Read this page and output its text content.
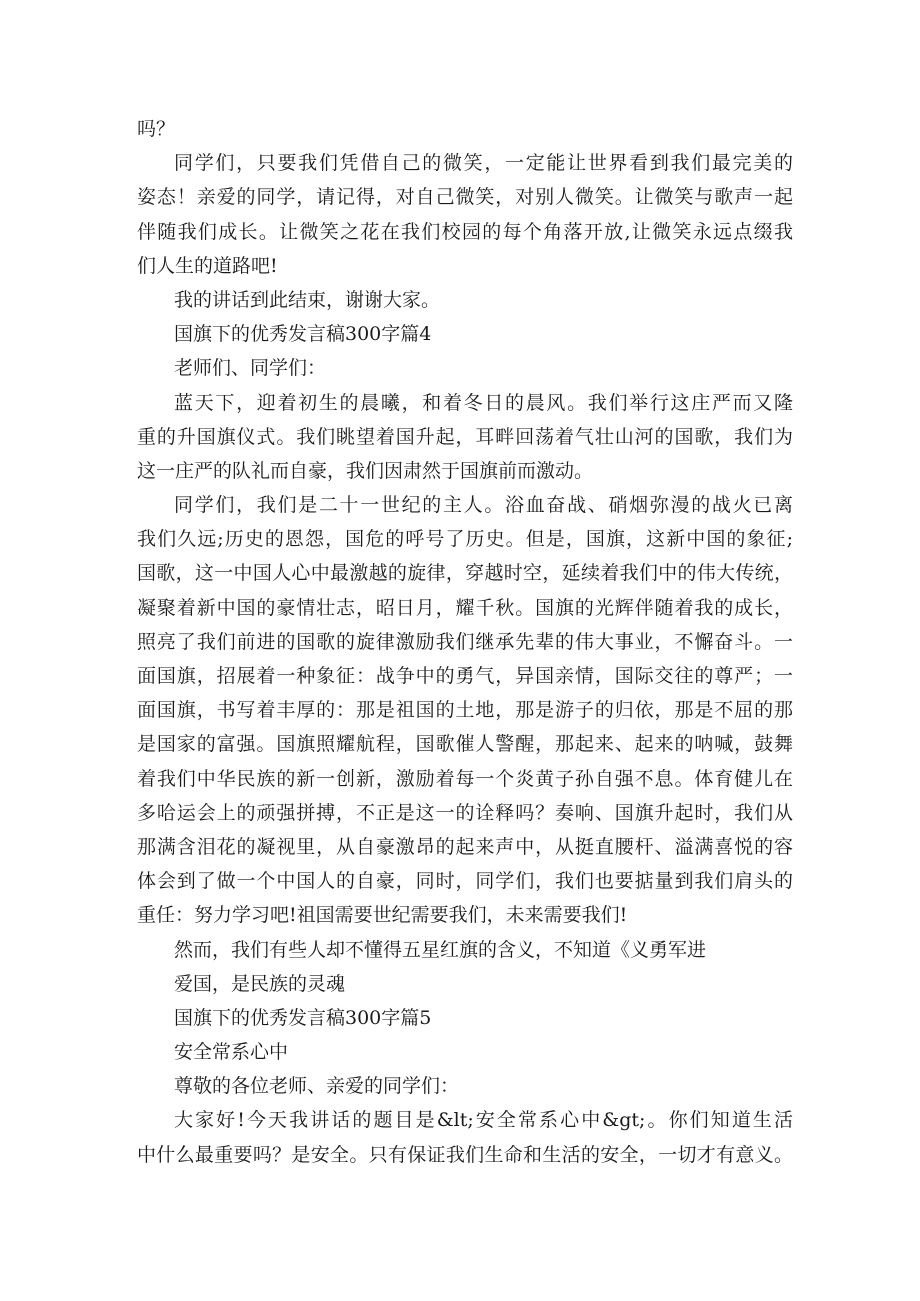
吗？
同学们，只要我们凭借自己的微笑，一定能让世界看到我们最完美的
姿态！亲爱的同学，请记得，对自己微笑，对别人微笑。让微笑与歌声一起
伴随我们成长。让微笑之花在我们校园的每个角落开放,让微笑永远点缀我
们人生的道路吧!
我的讲话到此结束，谢谢大家。
国旗下的优秀发言稿300字篇4
老师们、同学们：
蓝天下，迎着初生的晨曦，和着冬日的晨风。我们举行这庄严而又隆
重的升国旗仪式。我们眺望着国升起，耳畔回荡着气壮山河的国歌，我们为
这一庄严的队礼而自豪，我们因肃然于国旗前而激动。
同学们，我们是二十一世纪的主人。浴血奋战、硝烟弥漫的战火已离
我们久远;历史的恩怨，国危的呼号了历史。但是，国旗，这新中国的象征;
国歌，这一中国人心中最激越的旋律，穿越时空，延续着我们中的伟大传统，
凝聚着新中国的豪情壮志，昭日月，耀千秋。国旗的光辉伴随着我的成长，
照亮了我们前进的国歌的旋律激励我们继承先辈的伟大事业，不懈奋斗。一
面国旗，招展着一种象征：战争中的勇气，异国亲情，国际交往的尊严；一
面国旗，书写着丰厚的：那是祖国的土地，那是游子的归依，那是不屈的那
是国家的富强。国旗照耀航程，国歌催人警醒，那起来、起来的呐喊，鼓舞
着我们中华民族的新一创新，激励着每一个炎黄子孙自强不息。体育健儿在
多哈运会上的顽强拼搏，不正是这一的诠释吗？奏响、国旗升起时，我们从
那满含泪花的凝视里，从自豪激昂的起来声中，从挺直腰杆、溢满喜悦的容
体会到了做一个中国人的自豪，同时，同学们，我们也要掂量到我们肩头的
重任：努力学习吧!祖国需要世纪需要我们，未来需要我们!
然而，我们有些人却不懂得五星红旗的含义，不知道《义勇军进
爱国，是民族的灵魂
国旗下的优秀发言稿300字篇5
安全常系心中
尊敬的各位老师、亲爱的同学们：
大家好!今天我讲话的题目是&lt;安全常系心中&gt;。你们知道生活
中什么最重要吗？是安全。只有保证我们生命和生活的安全，一切才有意义。
